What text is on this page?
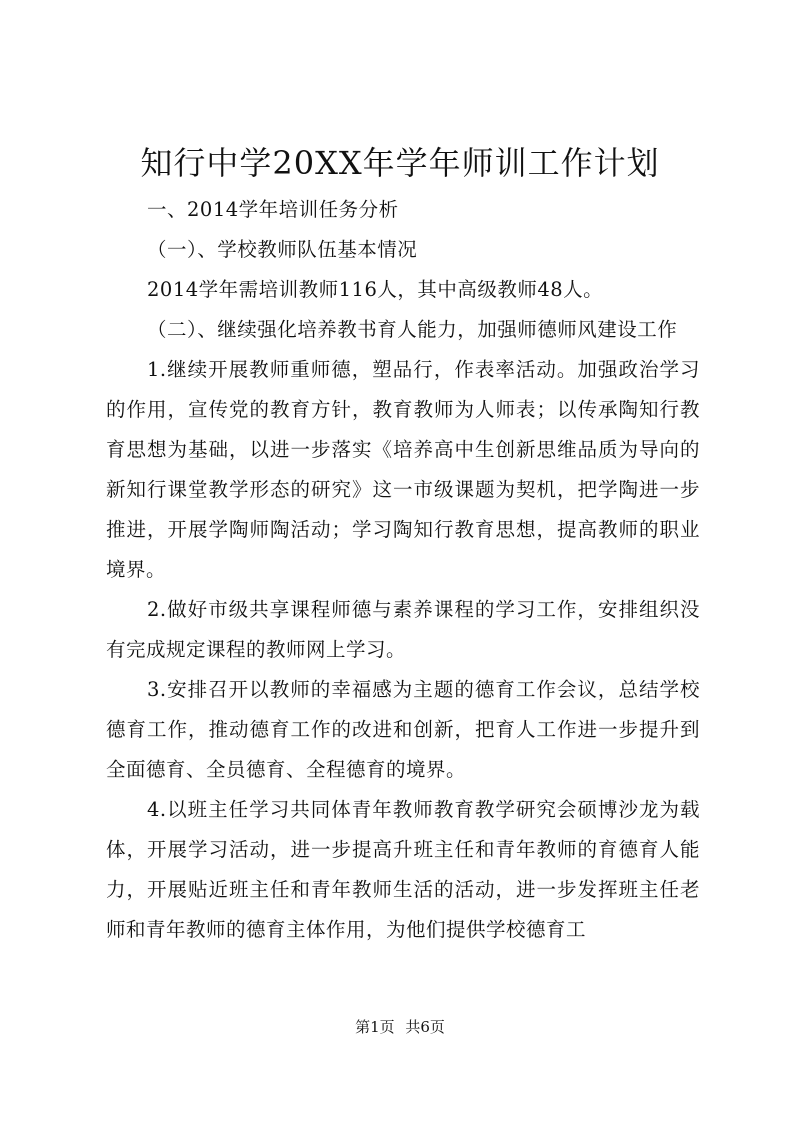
知行中学20XX年学年师训工作计划

一、2014学年培训任务分析

（一）、学校教师队伍基本情况

2014学年需培训教师116人，其中高级教师48人。

（二）、继续强化培养教书育人能力，加强师德师风建设工作

1.继续开展教师重师德，塑品行，作表率活动。加强政治学习的作用，宣传党的教育方针，教育教师为人师表；以传承陶知行教育思想为基础，以进一步落实《培养高中生创新思维品质为导向的新知行课堂教学形态的研究》这一市级课题为契机，把学陶进一步推进，开展学陶师陶活动；学习陶知行教育思想，提高教师的职业境界。

2.做好市级共享课程师德与素养课程的学习工作，安排组织没有完成规定课程的教师网上学习。

3.安排召开以教师的幸福感为主题的德育工作会议，总结学校德育工作，推动德育工作的改进和创新，把育人工作进一步提升到全面德育、全员德育、全程德育的境界。

4.以班主任学习共同体青年教师教育教学研究会硕博沙龙为载体，开展学习活动，进一步提高升班主任和青年教师的育德育人能力，开展贴近班主任和青年教师生活的活动，进一步发挥班主任老师和青年教师的德育主体作用，为他们提供学校德育工

第1页 共6页
